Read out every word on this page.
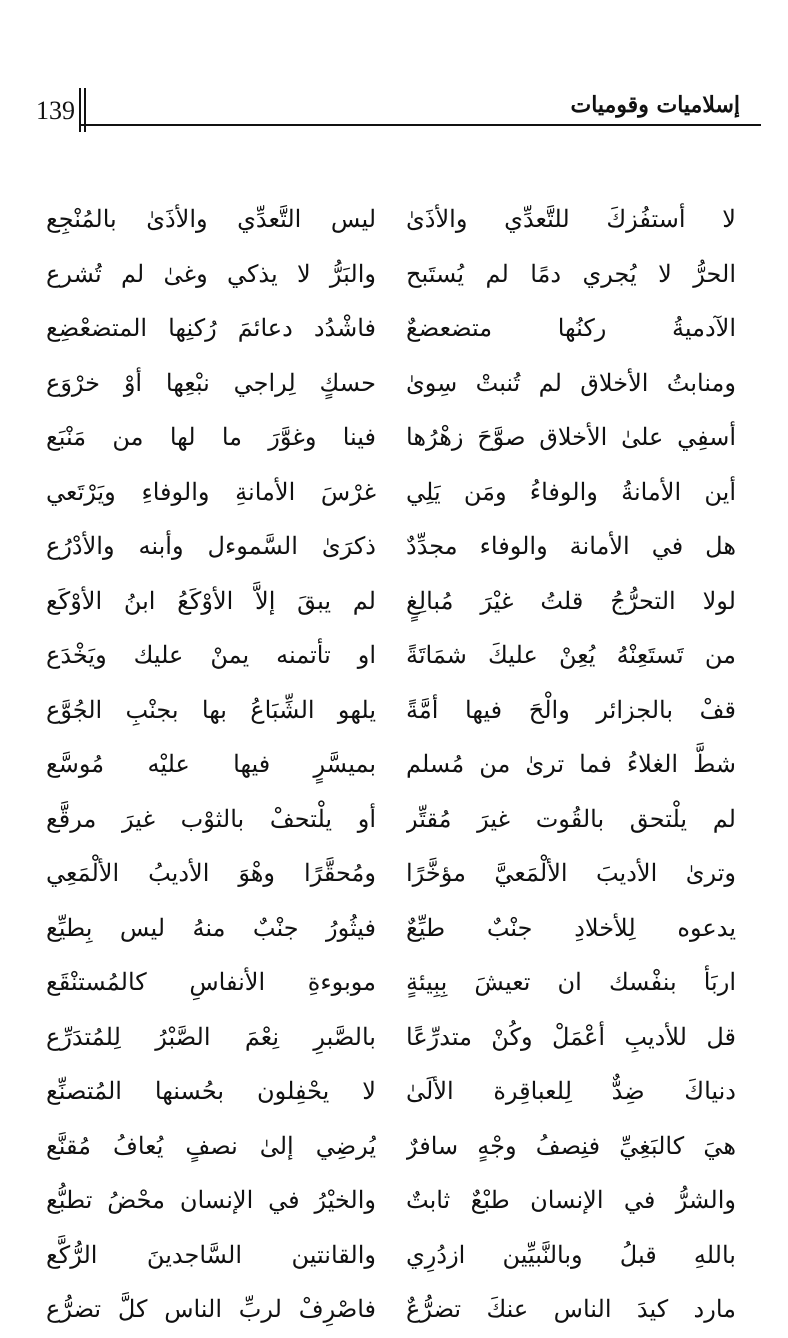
139	إسلاميات وقوميات
لا أستفُزكَ للتَّعدِّي والأذَىٰ
ليس التَّعدِّي والأذَىٰ بالمُنْجِع
الحرُّ لا يُجري دمًا لم يُستَبح
والبَرُّ لا يذكي وغىٰ لم تُشرع
الآدميةُ ركنُها متضعضعٌ
فاشْدُد دعائمَ رُكنِها المتضعْضِع
ومنابتُ الأخلاق لم تُنبتْ سِوىٰ
حسكٍ لِراجي نبْعِها أوْ خرْوَع
أسفِي علىٰ الأخلاق صوَّحَ زهْرُها
فينا وغوَّرَ ما لها من مَنْبَع
أين الأمانةُ والوفاءُ ومَن يَلِي
غرْسَ الأمانةِ والوفاءِ ويَرْتَعي
هل في الأمانة والوفاء مجدِّدٌ
ذكرَىٰ السَّموءل وأبنه والأدْرُع
لولا التحرُّجُ قلتُ غيْرَ مُبالِغٍ
لم يبقَ إلاَّ الأوْكَعُ ابنُ الأوْكَع
من تَستَعِنْهُ يُعِنْ عليكَ شمَاتَةً
او تأتمنه يمنْ عليك ويَخْدَع
قفْ بالجزائر والْحَ فيها أمَّةً
يلهو الشِّبَاعُ بها بجنْبِ الجُوَّع
شطَّ الغلاءُ فما ترىٰ من مُسلم
بميسَّرٍ فيها عليْه مُوسَّع
لم يلْتحق بالقُوت غيرَ مُقتِّر
أو يلْتحفْ بالثوْب غيرَ مرقَّع
وترىٰ الأديبَ الألْمَعيَّ مؤخَّرًا
ومُحقَّرًا وهْوَ الأديبُ الألْمَعِي
يدعوه لِلأخلادِ جنْبٌ طيِّعٌ
فيثُورُ جنْبٌ منهُ ليس بِطيِّع
اربَأ بنفْسك ان تعيشَ بِبِيئةٍ
موبوءةِ الأنفاسِ كالمُستنْقَع
قل للأديبِ أعْمَلْ وكُنْ متدرِّعًا
بالصَّبرِ نِعْمَ الصَّبْرُ لِلمُتدَرِّع
دنياكَ ضِدٌّ لِلعباقِرة الألَىٰ
لا يحْفِلون بحُسنها المُتصنِّع
هيَ كالبَغِيِّ فنِصفُ وجْهٍ سافرٌ
يُرضِي إلىٰ نصفٍ يُعافُ مُقنَّع
والشرُّ في الإنسان طبْعٌ ثابتٌ
والخيْرُ في الإنسان محْضُ تطبُّع
باللهِ قبلُ وبالنَّبيِّين ازدُرِي
والقانتين السَّاجدينَ الرُّكَّع
مارد كيدَ الناس عنكَ تضرُّعٌ
فاصْرِفْ لربِّ الناس كلَّ تضرُّع
